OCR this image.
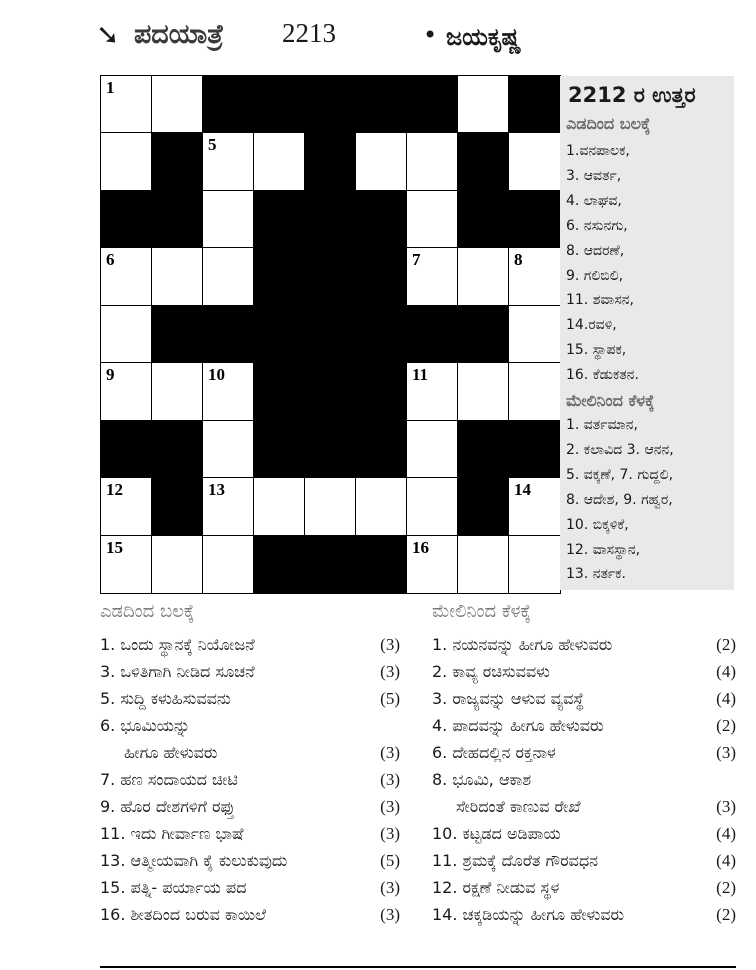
➘ ಪದಯಾತ್ರೆ 2213	• ಜಯಕೃಷ್ಣ
1	2	3	4
5
6	7	8
9	10	11
12	13	14
15	16
2212 ರ ಉತ್ತರ
ಎಡದಿಂದ ಬಲಕ್ಕೆ
1.ವನಪಾಲಕ,
3. ಆವರ್ತ,
4. ಲಾಘವ,
6. ನಸುನಗು,
8. ಆದರಣೆ,
9. ಗಲಿಬಿಲಿ,
11. ಶವಾಸನ,
14.ರವಳಿ,
15. ಸ್ಥಾಪಕ,
16. ಕೆಡುಕತನ.
ಮೇಲಿನಿಂದ ಕೆಳಕ್ಕೆ
1. ವರ್ತಮಾನ,
2. ಕಲಾವಿದ 3. ಆನನ,
5. ವಕ್ಕಣೆ, 7. ಗುದ್ದಲಿ,
8. ಆದೇಶ, 9. ಗಹ್ವರ,
10. ಬಿಕ್ಕಳಿಕೆ,
12. ವಾಸಸ್ಥಾನ,
13. ನರ್ತಕ.
ಎಡದಿಂದ ಬಲಕ್ಕೆ
1. ಒಂದು ಸ್ಥಾನಕ್ಕೆ ನಿಯೋಜನೆ	(3)
3. ಒಳಿತಿಗಾಗಿ ನೀಡಿದ ಸೂಚನೆ	(3)
5. ಸುದ್ದಿ ಕಳುಹಿಸುವವನು	(5)
6. ಭೂಮಿಯನ್ನು
ಹೀಗೂ ಹೇಳುವರು	(3)
7. ಹಣ ಸಂದಾಯದ ಚೀಟಿ	(3)
9. ಹೊರ ದೇಶಗಳಿಗೆ ರಫ್ತು	(3)
11. ಇದು ಗೀರ್ವಾಣ ಭಾಷೆ	(3)
13. ಆತ್ಮೀಯವಾಗಿ ಕೈ ಕುಲುಕುವುದು	(5)
15. ಪತ್ನಿ- ಪರ್ಯಾಯ ಪದ	(3)
16. ಶೀತದಿಂದ ಬರುವ ಕಾಯಿಲೆ	(3)
ಮೇಲಿನಿಂದ ಕೆಳಕ್ಕೆ
1. ನಯನವನ್ನು ಹೀಗೂ ಹೇಳುವರು	(2)
2. ಕಾವ್ಯ ರಚಿಸುವವಳು	(4)
3. ರಾಜ್ಯವನ್ನು ಆಳುವ ವ್ಯವಸ್ಥೆ	(4)
4. ಪಾದವನ್ನು ಹೀಗೂ ಹೇಳುವರು	(2)
6. ದೇಹದಲ್ಲಿನ ರಕ್ತನಾಳ	(3)
8. ಭೂಮಿ, ಆಕಾಶ
ಸೇರಿದಂತೆ ಕಾಣುವ ರೇಖೆ	(3)
10. ಕಟ್ಟಡದ ಅಡಿಪಾಯ	(4)
11. ಶ್ರಮಕ್ಕೆ ದೊರೆತ ಗೌರವಧನ	(4)
12. ರಕ್ಷಣೆ ನೀಡುವ ಸ್ಥಳ	(2)
14. ಚಕ್ಕಡಿಯನ್ನು ಹೀಗೂ ಹೇಳುವರು	(2)
